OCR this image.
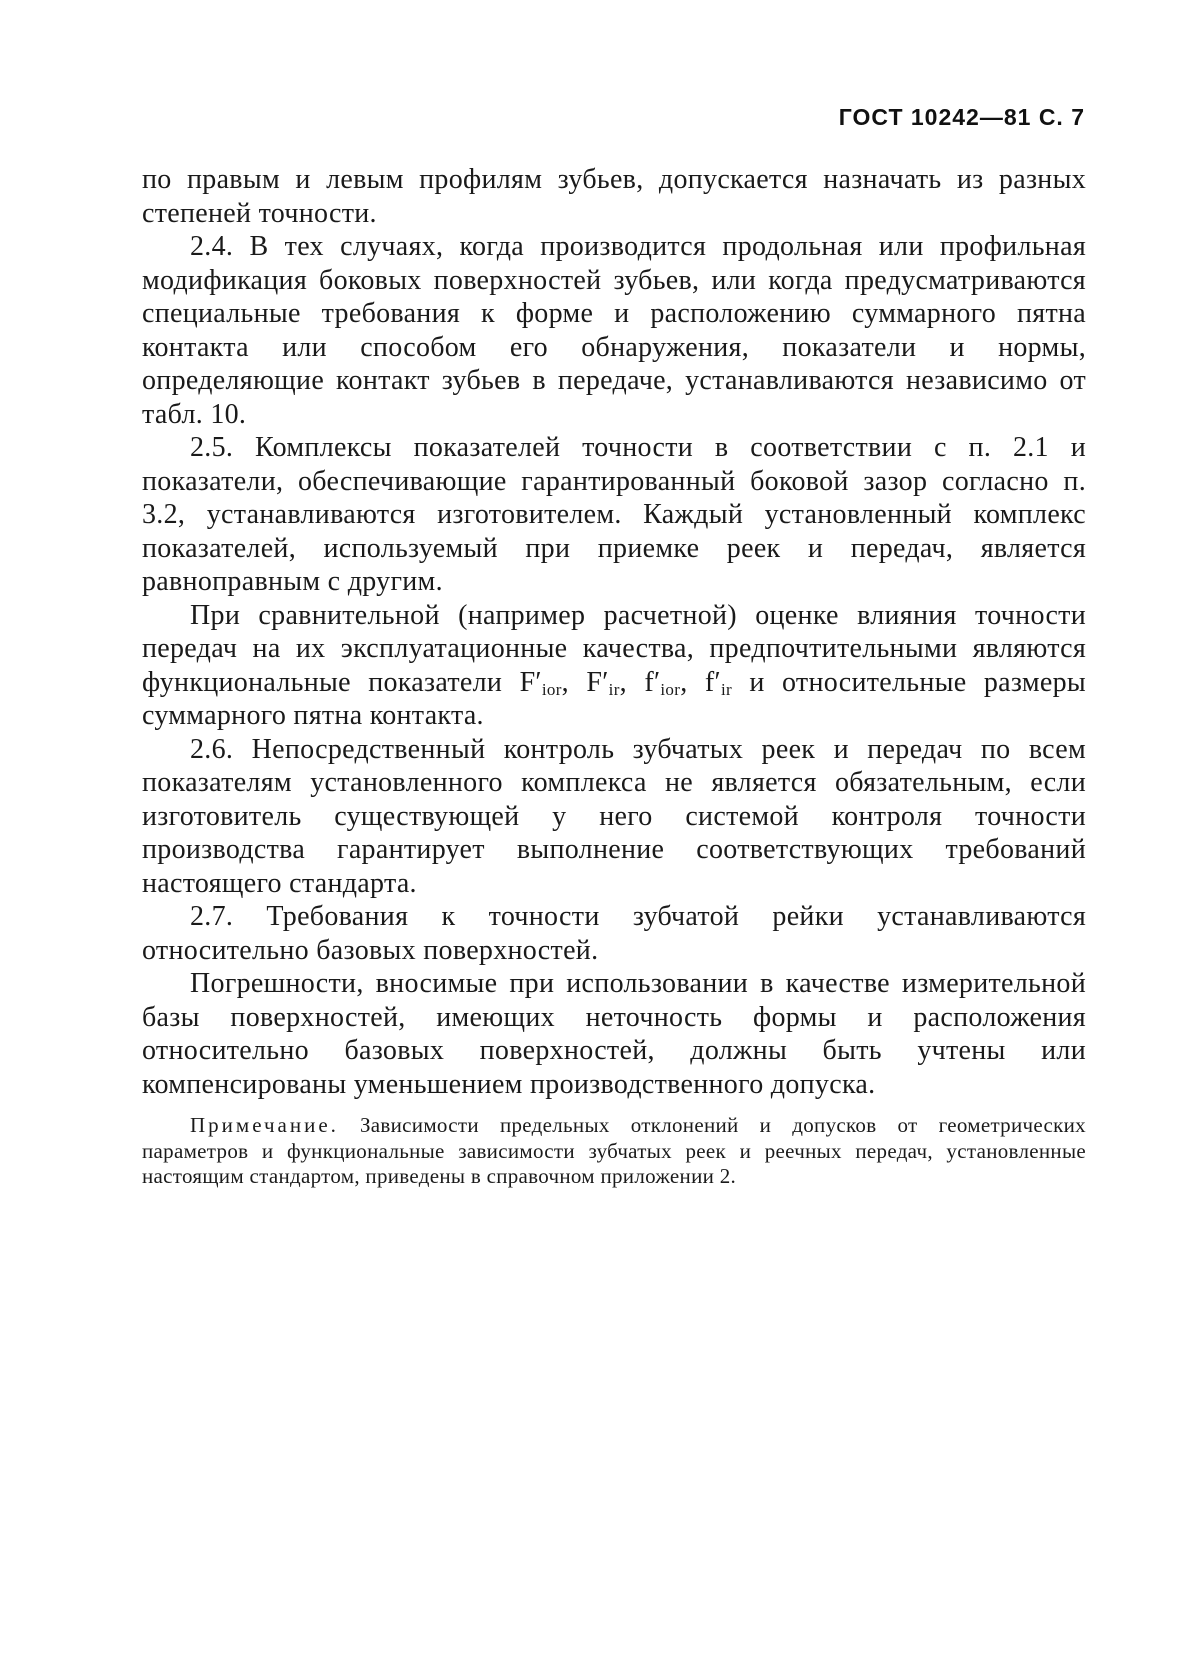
ГОСТ 10242—81 С. 7

по правым и левым профилям зубьев, допускается назначать из разных степеней точности.

2.4. В тех случаях, когда производится продольная или профильная модификация боковых поверхностей зубьев, или когда предусматриваются специальные требования к форме и расположению суммарного пятна контакта или способом его обнаружения, показатели и нормы, определяющие контакт зубьев в передаче, устанавливаются независимо от табл. 10.

2.5. Комплексы показателей точности в соответствии с п. 2.1 и показатели, обеспечивающие гарантированный боковой зазор согласно п. 3.2, устанавливаются изготовителем. Каждый установленный комплекс показателей, используемый при приемке реек и передач, является равноправным с другим.

При сравнительной (например расчетной) оценке влияния точности передач на их эксплуатационные качества, предпочтительными являются функциональные показатели $F'_{ior}$, $F'_{ir}$, $f'_{ior}$, $f'_{ir}$ и относительные размеры суммарного пятна контакта.

2.6. Непосредственный контроль зубчатых реек и передач по всем показателям установленного комплекса не является обязательным, если изготовитель существующей у него системой контроля точности производства гарантирует выполнение соответствующих требований настоящего стандарта.

2.7. Требования к точности зубчатой рейки устанавливаются относительно базовых поверхностей.

Погрешности, вносимые при использовании в качестве измерительной базы поверхностей, имеющих неточность формы и расположения относительно базовых поверхностей, должны быть учтены или компенсированы уменьшением производственного допуска.

Примечание. Зависимости предельных отклонений и допусков от геометрических параметров и функциональные зависимости зубчатых реек и реечных передач, установленные настоящим стандартом, приведены в справочном приложении 2.
